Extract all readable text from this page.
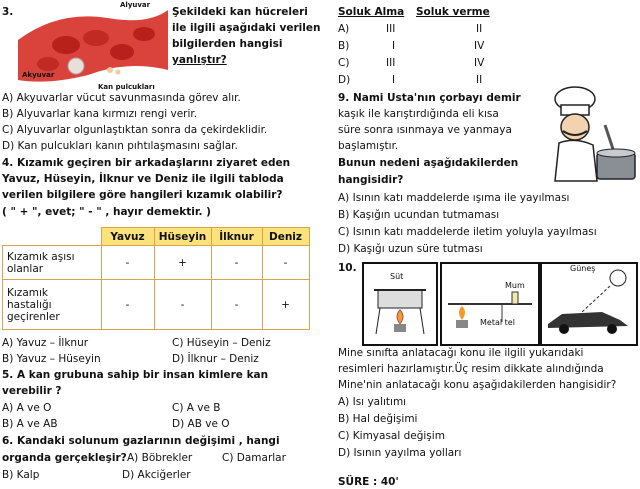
3.
Alyuvar
Akyuvar
Kan pulcukları
Şekildeki kan hücreleri
ile ilgili aşağıdaki verilen
bilgilerden hangisi
yanlıştır?
A) Akyuvarlar vücut savunmasında görev alır.
B) Alyuvarlar kana kırmızı rengi verir.
C) Alyuvarlar olgunlaştıktan sonra da çekirdeklidir.
D) Kan pulcukları kanın pıhtılaşmasını sağlar.
4. Kızamık geçiren bir arkadaşlarını ziyaret eden
Yavuz, Hüseyin, İlknur ve Deniz ile ilgili tabloda
verilen bilgilere göre hangileri kızamık olabilir?
( " + ", evet; " - " , hayır demektir. )
	Yavuz	Hüseyin	İlknur	Deniz
Kızamık aşısı
olanlar	-	+	-	-
Kızamık
hastalığı
geçirenler	-	-	-	+
A) Yavuz – İlknur	C) Hüseyin – Deniz
B) Yavuz – Hüseyin	D) İlknur – Deniz
5. A kan grubuna sahip bir insan kimlere kan
verebilir ?
A) A ve O	C) A ve B
B) A ve AB	D) AB ve O
6. Kandaki solunum gazlarının değişimi , hangi
organda gerçekleşir? A) Böbrekler	C) Damarlar
B) Kalp	D) Akciğerler
Soluk Alma Soluk verme
A)	III	II
B)	I	IV
C)	III	IV
D)	I	II
9. Nami Usta'nın çorbayı demir
kaşık ile karıştırdığında eli kısa
süre sonra ısınmaya ve yanmaya
başlamıştır.
Bunun nedeni aşağıdakilerden
hangisidir?
A) Isının katı maddelerde ışıma ile yayılması
B) Kaşığın ucundan tutmaması
C) Isının katı maddelerde iletim yoluyla yayılması
D) Kaşığı uzun süre tutması
10.
Süt
Mum
Metal tel
Güneş
Mine sınıfta anlatacağı konu ile ilgili yukarıdaki
resimleri hazırlamıştır.Üç resim dikkate alındığında
Mine'nin anlatacağı konu aşağıdakilerden hangisidir?
A) Isı yalıtımı
B) Hal değişimi
C) Kimyasal değişim
D) Isının yayılma yolları
SÜRE : 40'
